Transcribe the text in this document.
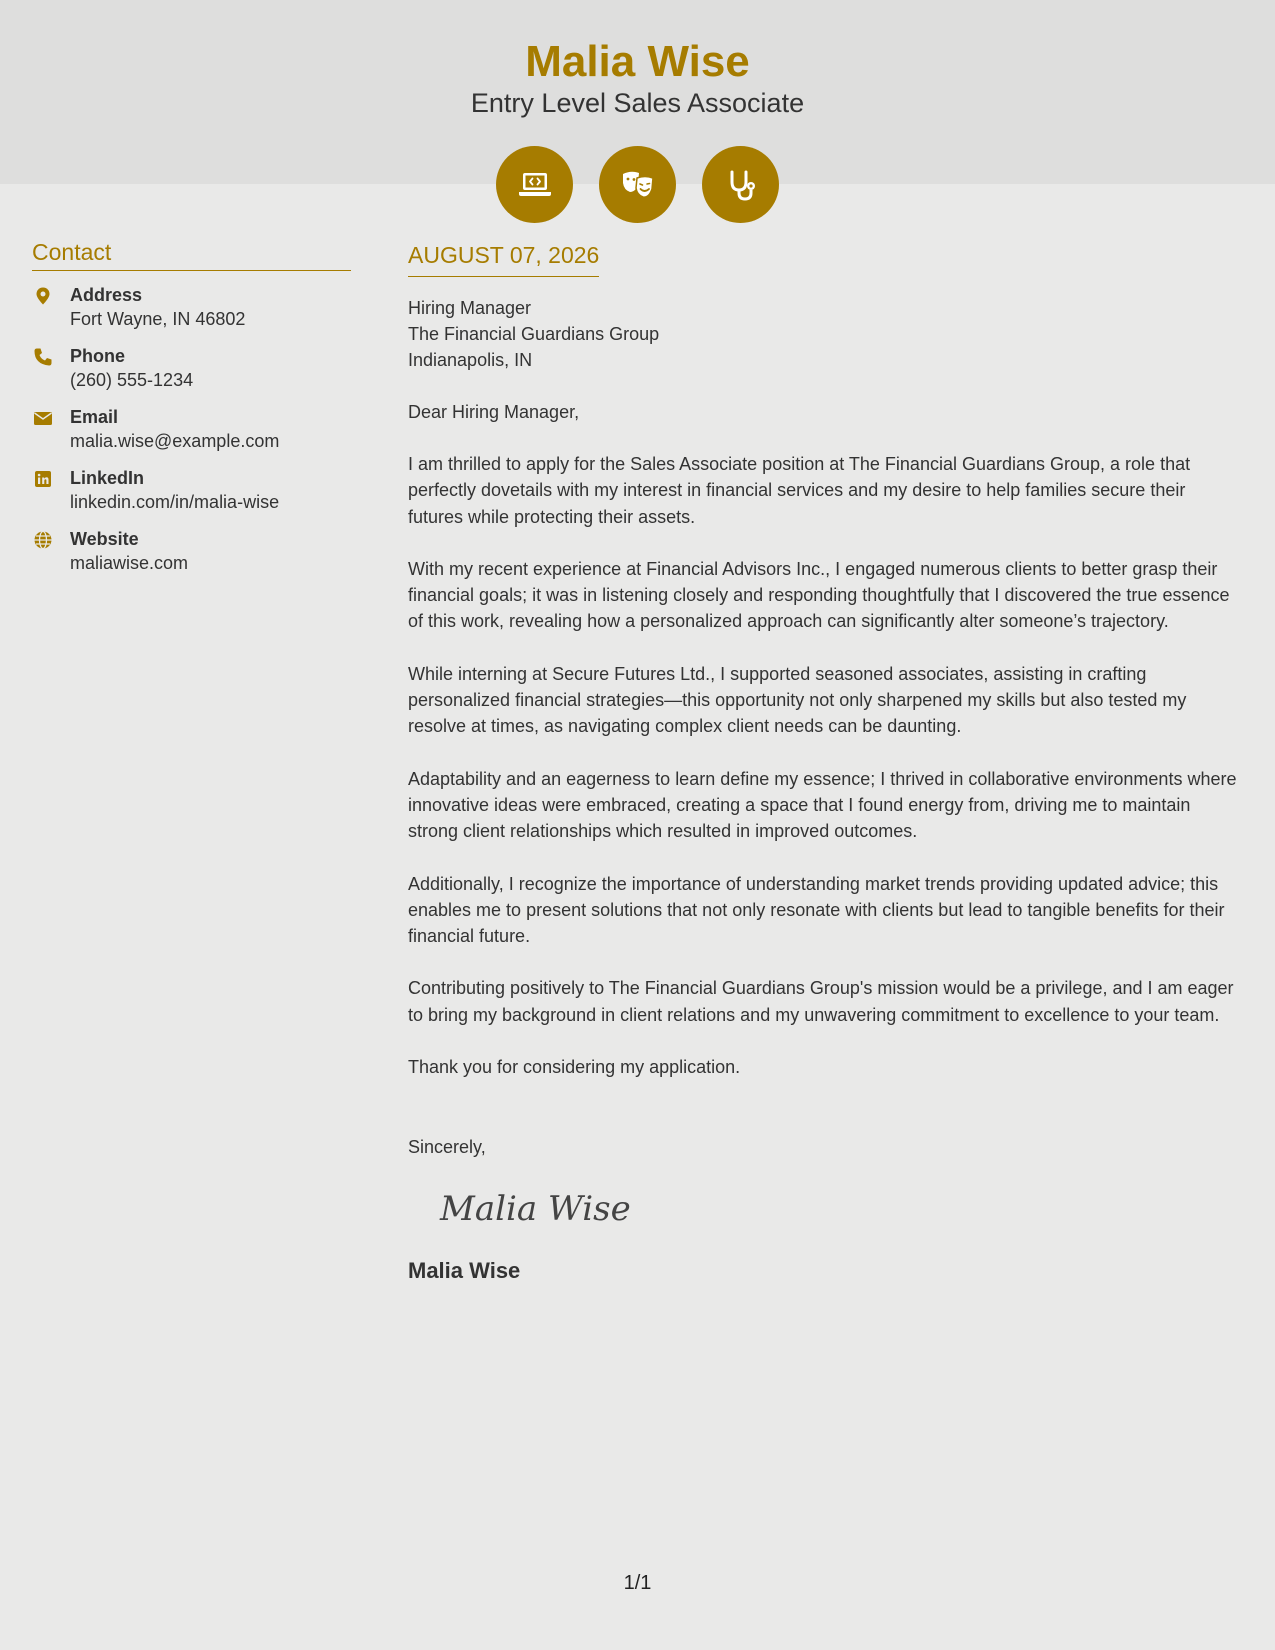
Malia Wise
Entry Level Sales Associate
Contact
Address
Fort Wayne, IN 46802
Phone
(260) 555-1234
Email
malia.wise@example.com
LinkedIn
linkedin.com/in/malia-wise
Website
maliawise.com
AUGUST 07, 2026
Hiring Manager
The Financial Guardians Group
Indianapolis, IN
Dear Hiring Manager,

I am thrilled to apply for the Sales Associate position at The Financial Guardians Group, a role that perfectly dovetails with my interest in financial services and my desire to help families secure their futures while protecting their assets.

With my recent experience at Financial Advisors Inc., I engaged numerous clients to better grasp their financial goals; it was in listening closely and responding thoughtfully that I discovered the true essence of this work, revealing how a personalized approach can significantly alter someone’s trajectory.

While interning at Secure Futures Ltd., I supported seasoned associates, assisting in crafting personalized financial strategies—this opportunity not only sharpened my skills but also tested my resolve at times, as navigating complex client needs can be daunting.

Adaptability and an eagerness to learn define my essence; I thrived in collaborative environments where innovative ideas were embraced, creating a space that I found energy from, driving me to maintain strong client relationships which resulted in improved outcomes.

Additionally, I recognize the importance of understanding market trends providing updated advice; this enables me to present solutions that not only resonate with clients but lead to tangible benefits for their financial future.

Contributing positively to The Financial Guardians Group's mission would be a privilege, and I am eager to bring my background in client relations and my unwavering commitment to excellence to your team.

Thank you for considering my application.

Sincerely,
Malia Wise
Malia Wise
1/1
